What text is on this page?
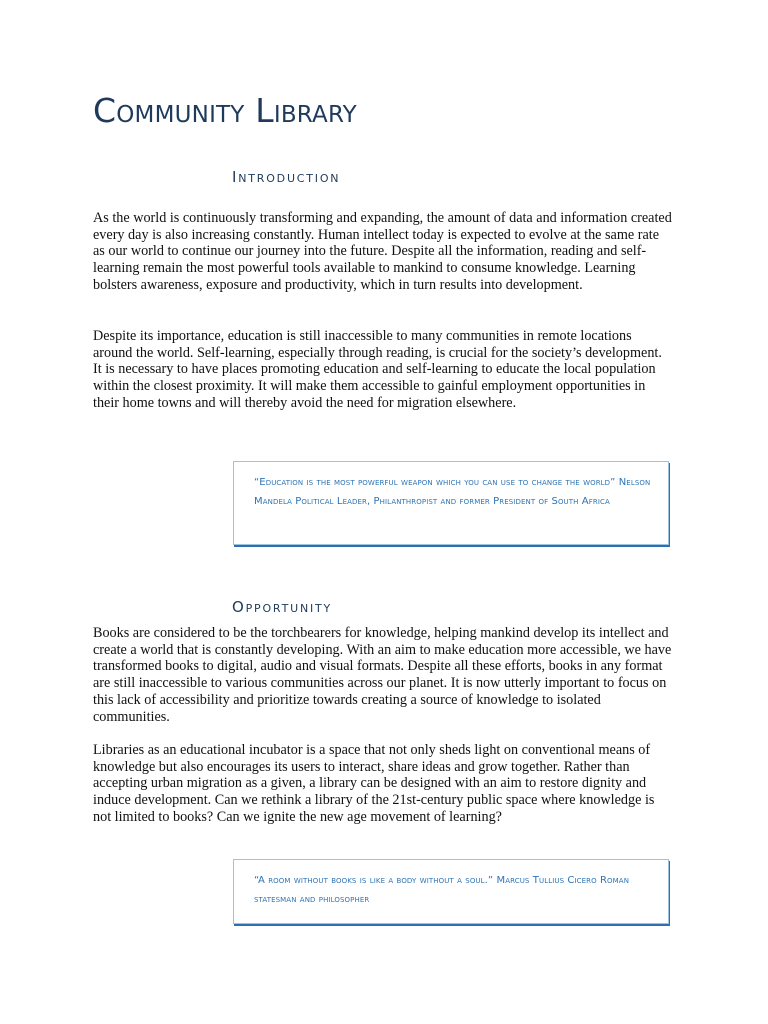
Community Library
Introduction

As the world is continuously transforming and expanding, the amount of data and information created every day is also increasing constantly. Human intellect today is expected to evolve at the same rate as our world to continue our journey into the future. Despite all the information, reading and self-learning remain the most powerful tools available to mankind to consume knowledge. Learning bolsters awareness, exposure and productivity, which in turn results into development.

Despite its importance, education is still inaccessible to many communities in remote locations around the world. Self-learning, especially through reading, is crucial for the society’s development. It is necessary to have places promoting education and self-learning to educate the local population within the closest proximity. It will make them accessible to gainful employment opportunities in their home towns and will thereby avoid the need for migration elsewhere.

“Education is the most powerful weapon which you can use to change the world” Nelson Mandela Political Leader, Philanthropist and former President of South Africa

Opportunity

Books are considered to be the torchbearers for knowledge, helping mankind develop its intellect and create a world that is constantly developing. With an aim to make education more accessible, we have transformed books to digital, audio and visual formats. Despite all these efforts, books in any format are still inaccessible to various communities across our planet. It is now utterly important to focus on this lack of accessibility and prioritize towards creating a source of knowledge to isolated communities.

Libraries as an educational incubator is a space that not only sheds light on conventional means of knowledge but also encourages its users to interact, share ideas and grow together. Rather than accepting urban migration as a given, a library can be designed with an aim to restore dignity and induce development. Can we rethink a library of the 21st-century public space where knowledge is not limited to books? Can we ignite the new age movement of learning?

“A room without books is like a body without a soul.” Marcus Tullius Cicero Roman statesman and philosopher
